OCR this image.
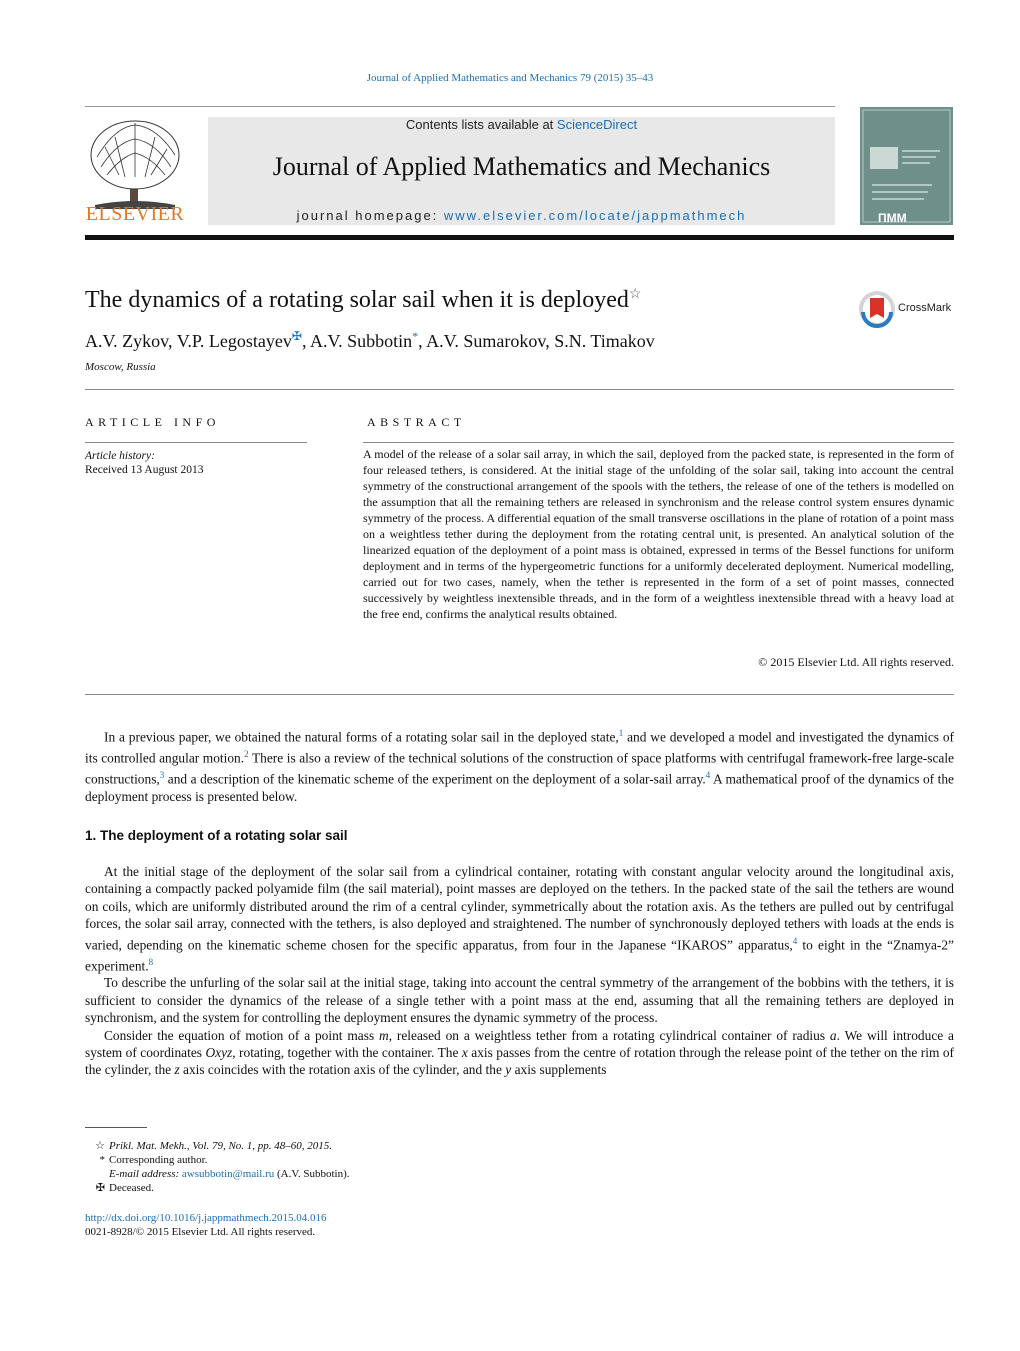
Journal of Applied Mathematics and Mechanics 79 (2015) 35–43
ELSEVIER
Contents lists available at ScienceDirect
Journal of Applied Mathematics and Mechanics
journal homepage: www.elsevier.com/locate/jappmathmech	ПММ
The dynamics of a rotating solar sail when it is deployed☆
CrossMark
A.V. Zykov, V.P. Legostayev✠, A.V. Subbotin*, A.V. Sumarokov, S.N. Timakov
Moscow, Russia
ARTICLE INFO
Article history:
Received 13 August 2013
ABSTRACT
A model of the release of a solar sail array, in which the sail, deployed from the packed state, is represented in the form of four released tethers, is considered. At the initial stage of the unfolding of the solar sail, taking into account the central symmetry of the constructional arrangement of the spools with the tethers, the release of one of the tethers is modelled on the assumption that all the remaining tethers are released in synchronism and the release control system ensures dynamic symmetry of the process. A differential equation of the small transverse oscillations in the plane of rotation of a point mass on a weightless tether during the deployment from the rotating central unit, is presented. An analytical solution of the linearized equation of the deployment of a point mass is obtained, expressed in terms of the Bessel functions for uniform deployment and in terms of the hypergeometric functions for a uniformly decelerated deployment. Numerical modelling, carried out for two cases, namely, when the tether is represented in the form of a set of point masses, connected successively by weightless inextensible threads, and in the form of a weightless inextensible thread with a heavy load at the free end, confirms the analytical results obtained.
© 2015 Elsevier Ltd. All rights reserved.

In a previous paper, we obtained the natural forms of a rotating solar sail in the deployed state,$^1$ and we developed a model and investigated the dynamics of its controlled angular motion.$^2$ There is also a review of the technical solutions of the construction of space platforms with centrifugal framework-free large-scale constructions,$^3$ and a description of the kinematic scheme of the experiment on the deployment of a solar-sail array.$^4$ A mathematical proof of the dynamics of the deployment process is presented below.

1. The deployment of a rotating solar sail

At the initial stage of the deployment of the solar sail from a cylindrical container, rotating with constant angular velocity around the longitudinal axis, containing a compactly packed polyamide film (the sail material), point masses are deployed on the tethers. In the packed state of the sail the tethers are wound on coils, which are uniformly distributed around the rim of a central cylinder, symmetrically about the rotation axis. As the tethers are pulled out by centrifugal forces, the solar sail array, connected with the tethers, is also deployed and straightened. The number of synchronously deployed tethers with loads at the ends is varied, depending on the kinematic scheme chosen for the specific apparatus, from four in the Japanese “IKAROS” apparatus,$^4$ to eight in the “Znamya-2” experiment.$^8$

To describe the unfurling of the solar sail at the initial stage, taking into account the central symmetry of the arrangement of the bobbins with the tethers, it is sufficient to consider the dynamics of the release of a single tether with a point mass at the end, assuming that all the remaining tethers are deployed in synchronism, and the system for controlling the deployment ensures the dynamic symmetry of the process.

Consider the equation of motion of a point mass m, released on a weightless tether from a rotating cylindrical container of radius a. We will introduce a system of coordinates Oxyz, rotating, together with the container. The x axis passes from the centre of rotation through the release point of the tether on the rim of the cylinder, the z axis coincides with the rotation axis of the cylinder, and the y axis supplements

☆ Prikl. Mat. Mekh., Vol. 79, No. 1, pp. 48–60, 2015.
* Corresponding author.
E-mail address: awsubbotin@mail.ru (A.V. Subbotin).
✠ Deceased.
http://dx.doi.org/10.1016/j.jappmathmech.2015.04.016
0021-8928/© 2015 Elsevier Ltd. All rights reserved.
